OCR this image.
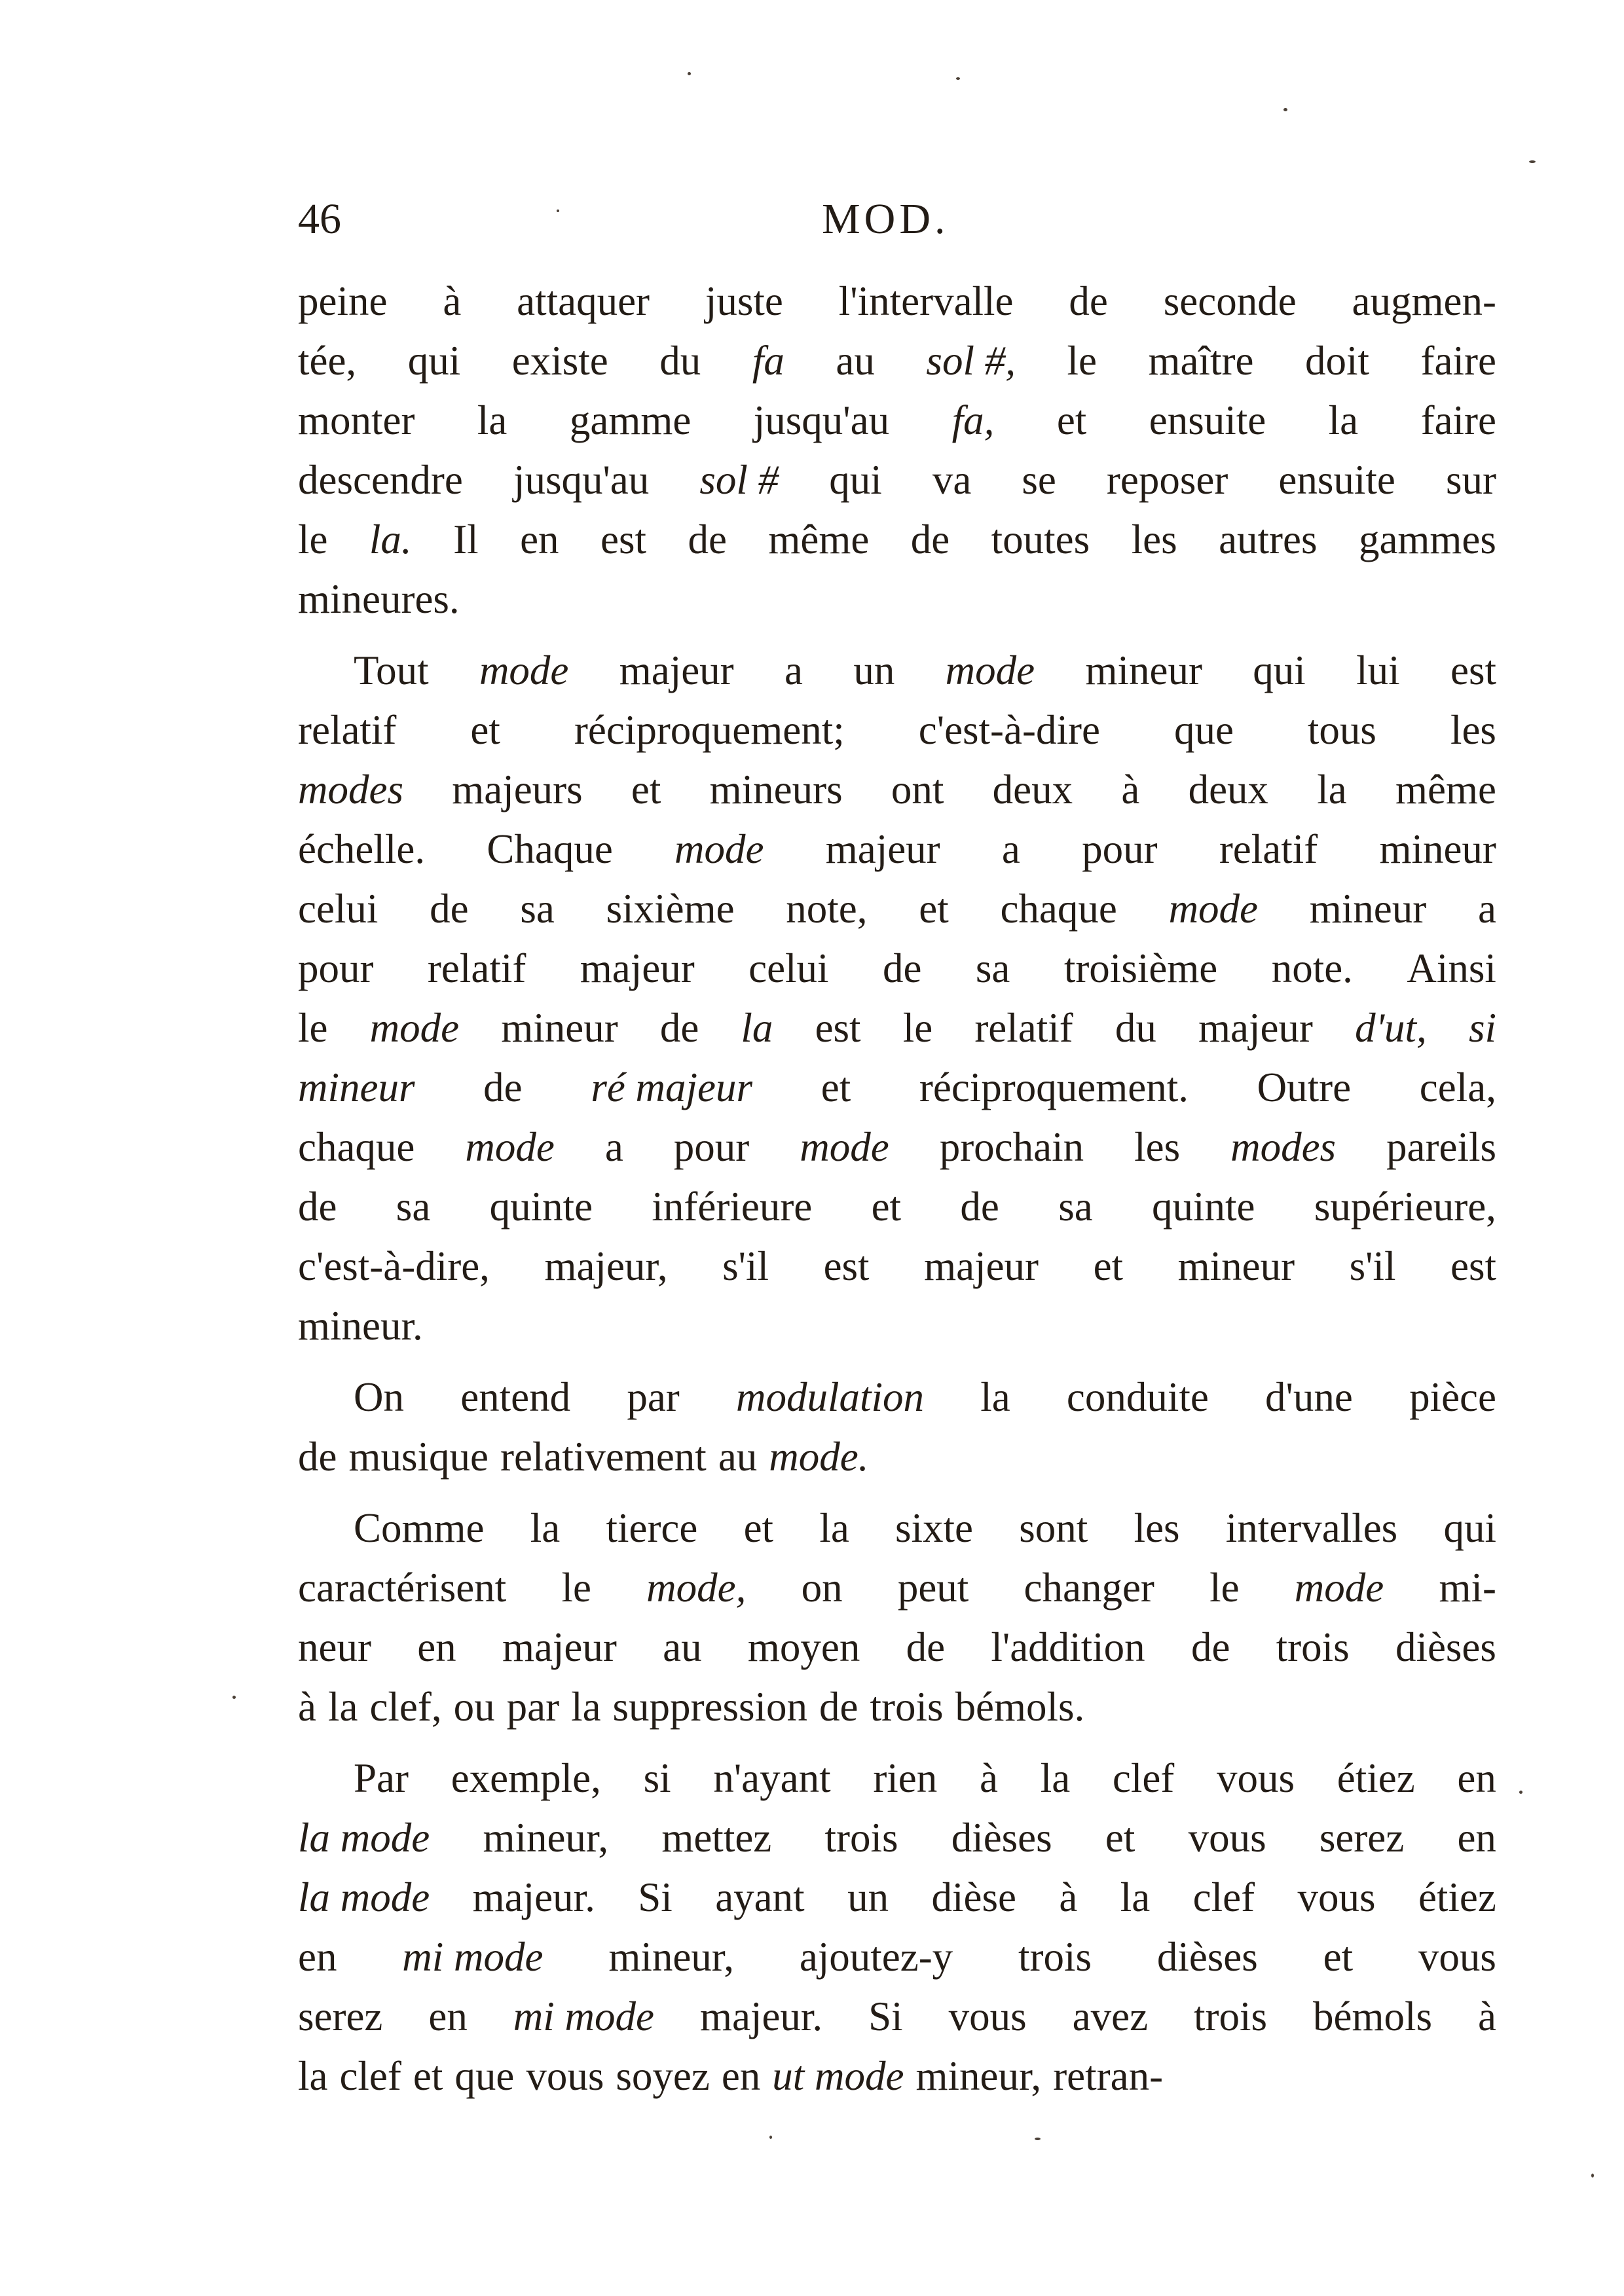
46	MOD.
peine à attaquer juste l'intervalle de seconde augmen-
tée, qui existe du fa au sol #, le maître doit faire
monter la gamme jusqu'au fa, et ensuite la faire
descendre jusqu'au sol # qui va se reposer ensuite sur
le la. Il en est de même de toutes les autres gammes
mineures.
Tout mode majeur a un mode mineur qui lui est
relatif et réciproquement; c'est-à-dire que tous les
modes majeurs et mineurs ont deux à deux la même
échelle. Chaque mode majeur a pour relatif mineur
celui de sa sixième note, et chaque mode mineur a
pour relatif majeur celui de sa troisième note. Ainsi
le mode mineur de la est le relatif du majeur d'ut, si
mineur de ré majeur et réciproquement. Outre cela,
chaque mode a pour mode prochain les modes pareils
de sa quinte inférieure et de sa quinte supérieure,
c'est-à-dire, majeur, s'il est majeur et mineur s'il est
mineur.
On entend par modulation la conduite d'une pièce
de musique relativement au mode.
Comme la tierce et la sixte sont les intervalles qui
caractérisent le mode, on peut changer le mode mi-
neur en majeur au moyen de l'addition de trois dièses
à la clef, ou par la suppression de trois bémols.
Par exemple, si n'ayant rien à la clef vous étiez en
la mode mineur, mettez trois dièses et vous serez en
la mode majeur. Si ayant un dièse à la clef vous étiez
en mi mode mineur, ajoutez-y trois dièses et vous
serez en mi mode majeur. Si vous avez trois bémols à
la clef et que vous soyez en ut mode mineur, retran-
